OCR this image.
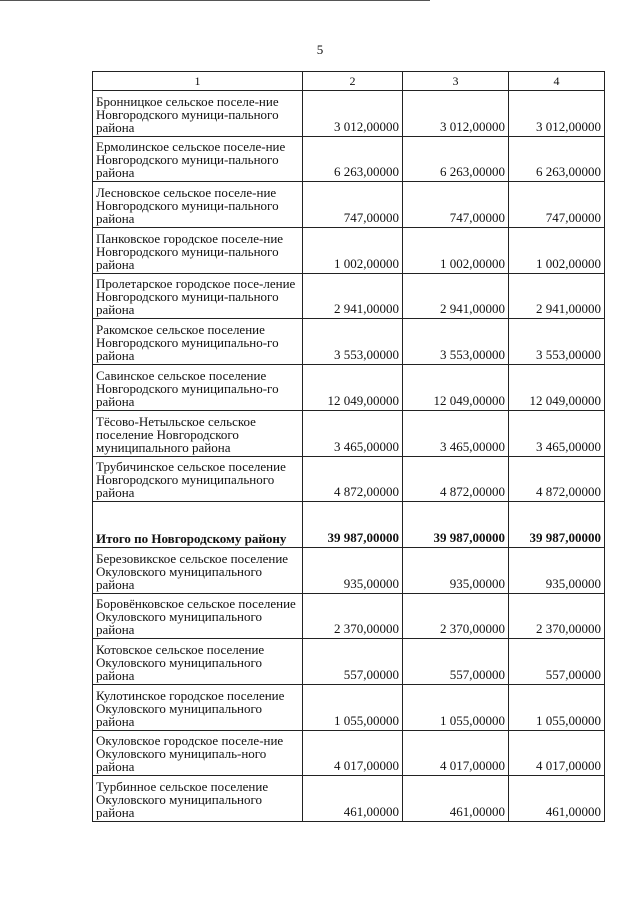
5
1	2	3	4
Бронницкое сельское поселе-ние Новгородского муници-пального района	3 012,00000	3 012,00000	3 012,00000
Ермолинское сельское поселе-ние Новгородского муници-пального района	6 263,00000	6 263,00000	6 263,00000
Лесновское сельское поселе-ние Новгородского муници-пального района	747,00000	747,00000	747,00000
Панковское городское поселе-ние Новгородского муници-пального района	1 002,00000	1 002,00000	1 002,00000
Пролетарское городское посе-ление Новгородского муници-пального района	2 941,00000	2 941,00000	2 941,00000
Ракомское сельское поселение Новгородского муниципально-го района	3 553,00000	3 553,00000	3 553,00000
Савинское сельское поселение Новгородского муниципально-го района	12 049,00000	12 049,00000	12 049,00000
Тёсово-Нетыльское сельское поселение Новгородского муниципального района	3 465,00000	3 465,00000	3 465,00000
Трубичинское сельское поселение Новгородского муниципального района	4 872,00000	4 872,00000	4 872,00000
Итого по Новгородскому району	39 987,00000	39 987,00000	39 987,00000
Березовикское сельское поселение Окуловского муниципального района	935,00000	935,00000	935,00000
Боровёнковское сельское поселение Окуловского муниципального района	2 370,00000	2 370,00000	2 370,00000
Котовское сельское поселение Окуловского муниципального района	557,00000	557,00000	557,00000
Кулотинское городское поселение Окуловского муниципального района	1 055,00000	1 055,00000	1 055,00000
Окуловское городское поселе-ние Окуловского муниципаль-ного района	4 017,00000	4 017,00000	4 017,00000
Турбинное сельское поселение Окуловского муниципального района	461,00000	461,00000	461,00000
